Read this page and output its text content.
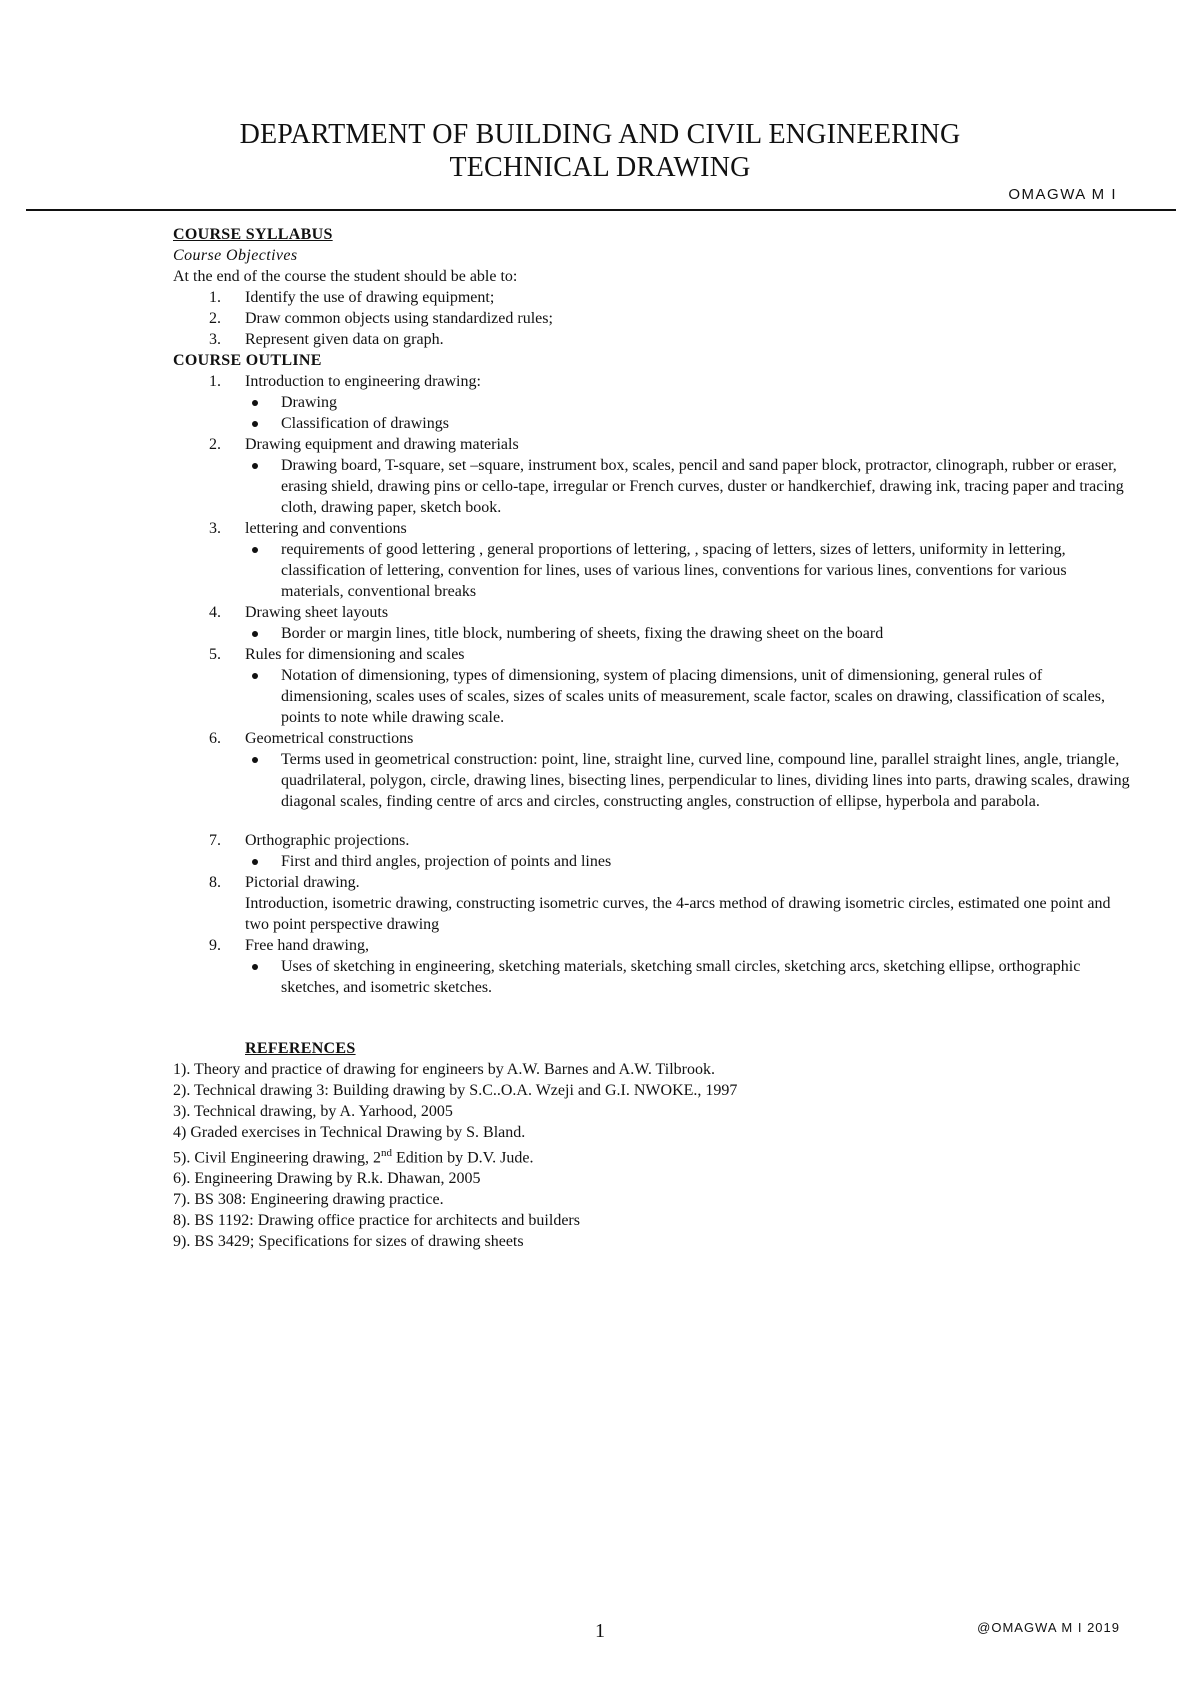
DEPARTMENT OF BUILDING AND CIVIL ENGINEERING
TECHNICAL DRAWING
OMAGWA M I
COURSE SYLLABUS
Course Objectives
At the end of the course the student should be able to:
1.	Identify the use of drawing equipment;
2.	Draw common objects using standardized rules;
3.	Represent given data on graph.
COURSE OUTLINE
1.	Introduction to engineering drawing:
Drawing
Classification of drawings
2.	Drawing equipment and drawing materials
Drawing board, T-square, set –square, instrument box, scales, pencil and sand paper block, protractor, clinograph, rubber or eraser, erasing shield, drawing pins or cello-tape, irregular or French curves, duster or handkerchief, drawing ink, tracing paper and tracing cloth, drawing paper, sketch book.
3.	lettering and conventions
requirements of good lettering , general proportions of lettering, , spacing of letters, sizes of letters, uniformity in lettering, classification of lettering, convention for lines, uses of various lines, conventions for various lines, conventions for various materials, conventional breaks
4.	Drawing sheet layouts
Border or margin lines, title block, numbering of sheets, fixing the drawing sheet on the board
5.	Rules for dimensioning and scales
Notation of dimensioning, types of dimensioning, system of placing dimensions, unit of dimensioning, general rules of dimensioning, scales uses of scales, sizes of scales units of measurement, scale factor, scales on drawing, classification of scales, points to note while drawing scale.
6.	Geometrical constructions
Terms used in geometrical construction: point, line, straight line, curved line, compound line, parallel straight lines, angle, triangle, quadrilateral, polygon, circle, drawing lines, bisecting lines, perpendicular to lines, dividing lines into parts, drawing scales, drawing diagonal scales, finding centre of arcs and circles, constructing angles, construction of ellipse, hyperbola and parabola.
7.	Orthographic projections.
First and third angles, projection of points and lines
8.	Pictorial drawing.
Introduction, isometric drawing, constructing isometric curves, the 4-arcs method of drawing isometric circles, estimated one point and two point perspective drawing
9.	Free hand drawing,
Uses of sketching in engineering, sketching materials, sketching small circles, sketching arcs, sketching ellipse, orthographic sketches, and isometric sketches.
REFERENCES
1). Theory and practice of drawing for engineers by A.W. Barnes and A.W. Tilbrook.
2). Technical drawing 3: Building drawing by S.C..O.A. Wzeji and G.I. NWOKE., 1997
3). Technical drawing, by A. Yarhood, 2005
4) Graded exercises in Technical Drawing by S. Bland.
5). Civil Engineering drawing, 2nd Edition by D.V. Jude.
6). Engineering Drawing by R.k. Dhawan, 2005
7). BS 308: Engineering drawing practice.
8). BS 1192: Drawing office practice for architects and builders
9). BS 3429; Specifications for sizes of drawing sheets
1	@OMAGWA M I 2019
